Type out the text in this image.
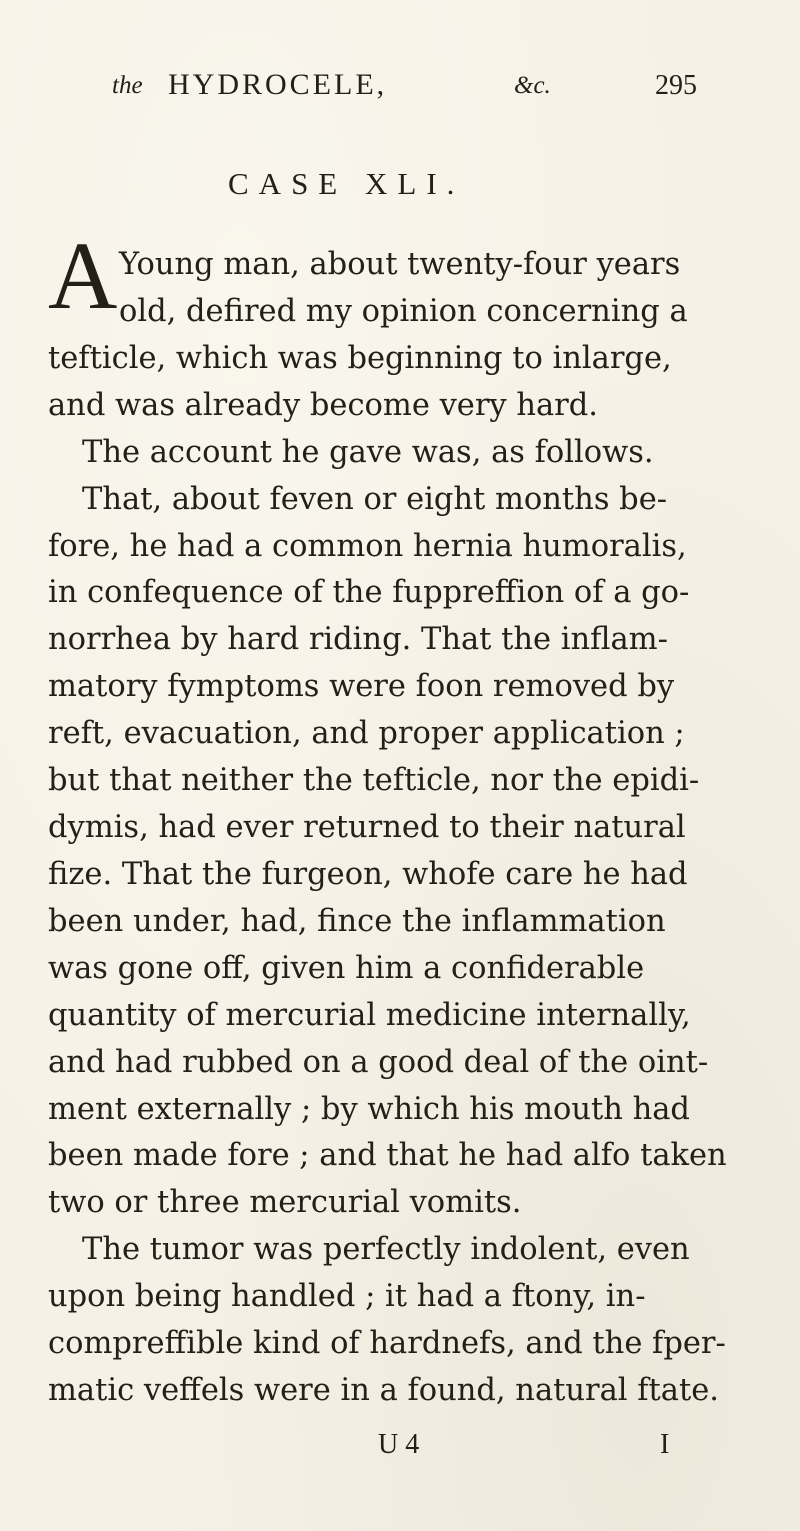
the HYDROCELE,	&c.	295
CASE XLI.
A Young man, about twenty-four years
old, defired my opinion concerning a
tefticle, which was beginning to inlarge,
and was already become very hard.
The account he gave was, as follows.
That, about feven or eight months be-
fore, he had a common hernia humoralis,
in confequence of the fuppreffion of a go-
norrhea by hard riding. That the inflam-
matory fymptoms were foon removed by
reft, evacuation, and proper application ;
but that neither the tefticle, nor the epidi-
dymis, had ever returned to their natural
fize. That the furgeon, whofe care he had
been under, had, fince the inflammation
was gone off, given him a confiderable
quantity of mercurial medicine internally,
and had rubbed on a good deal of the oint-
ment externally ; by which his mouth had
been made fore ; and that he had alfo taken
two or three mercurial vomits.
The tumor was perfectly indolent, even
upon being handled ; it had a ftony, in-
compreffible kind of hardnefs, and the fper-
matic veffels were in a found, natural ftate.
U 4	I
